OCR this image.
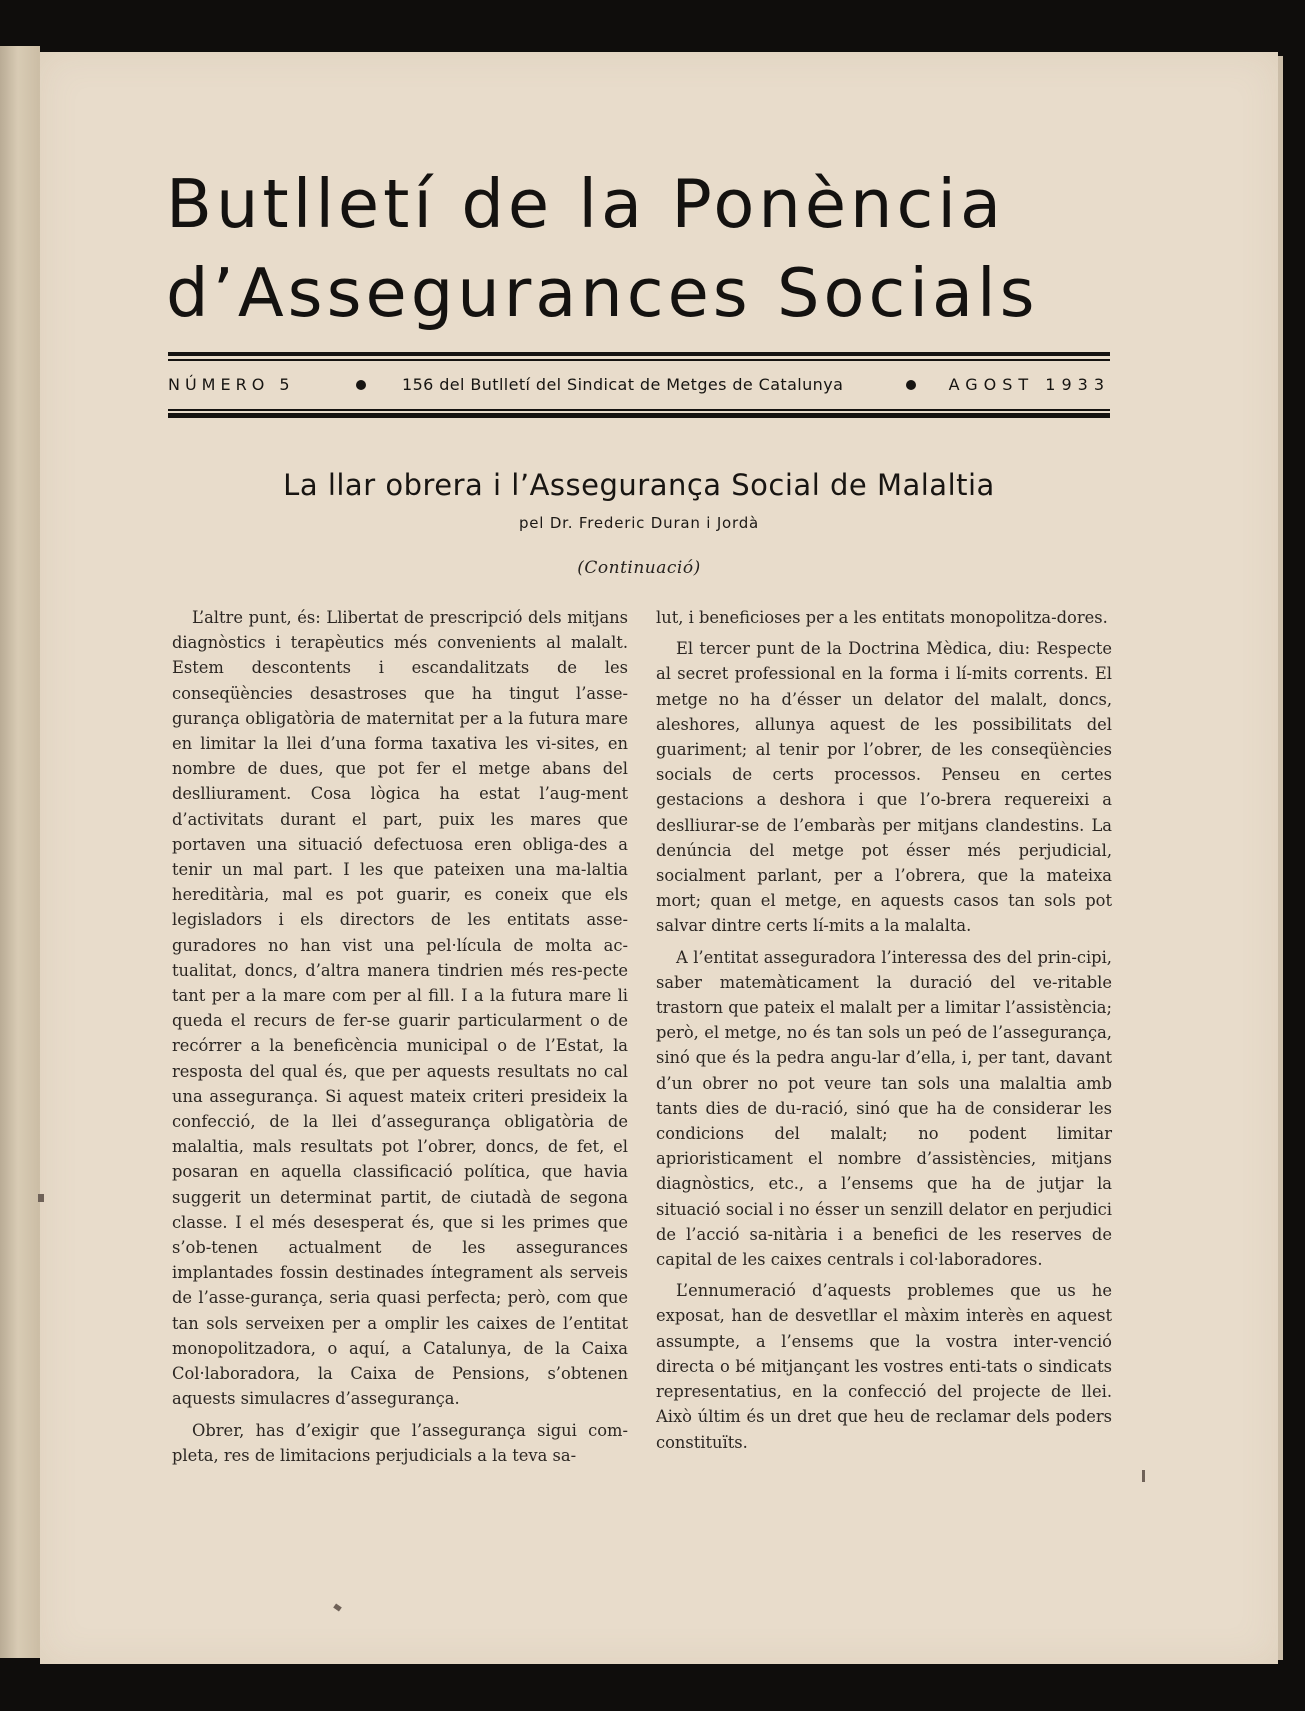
Butlletí de la Ponència
d’Assegurances Socials
NÚMERO 5	156 del Butlletí del Sindicat de Metges de Catalunya	AGOST 1933
La llar obrera i l’Assegurança Social de Malaltia
pel Dr. Frederic Duran i Jordà
(Continuació)

L’altre punt, és: Llibertat de prescripció dels mitjans diagnòstics i terapèutics més convenients al malalt. Estem descontents i escandalitzats de les conseqüències desastroses que ha tingut l’asse-gurança obligatòria de maternitat per a la futura mare en limitar la llei d’una forma taxativa les vi-sites, en nombre de dues, que pot fer el metge abans del deslliurament. Cosa lògica ha estat l’aug-ment d’activitats durant el part, puix les mares que portaven una situació defectuosa eren obliga-des a tenir un mal part. I les que pateixen una ma-laltia hereditària, mal es pot guarir, es coneix que els legisladors i els directors de les entitats asse-guradores no han vist una pel·lícula de molta ac-tualitat, doncs, d’altra manera tindrien més res-pecte tant per a la mare com per al fill. I a la futura mare li queda el recurs de fer-se guarir particularment o de recórrer a la beneficència municipal o de l’Estat, la resposta del qual és, que per aquests resultats no cal una assegurança. Si aquest mateix criteri presideix la confecció, de la llei d’assegurança obligatòria de malaltia, mals resultats pot l’obrer, doncs, de fet, el posaran en aquella classificació política, que havia suggerit un determinat partit, de ciutadà de segona classe. I el més desesperat és, que si les primes que s’ob-tenen actualment de les assegurances implantades fossin destinades íntegrament als serveis de l’asse-gurança, seria quasi perfecta; però, com que tan sols serveixen per a omplir les caixes de l’entitat monopolitzadora, o aquí, a Catalunya, de la Caixa Col·laboradora, la Caixa de Pensions, s’obtenen aquests simulacres d’assegurança.

Obrer, has d’exigir que l’assegurança sigui com-pleta, res de limitacions perjudicials a la teva sa-

lut, i beneficioses per a les entitats monopolitza-dores.

El tercer punt de la Doctrina Mèdica, diu: Respecte al secret professional en la forma i lí-mits corrents. El metge no ha d’ésser un delator del malalt, doncs, aleshores, allunya aquest de les possibilitats del guariment; al tenir por l’obrer, de les conseqüències socials de certs processos. Penseu en certes gestacions a deshora i que l’o-brera requereixi a deslliurar-se de l’embaràs per mitjans clandestins. La denúncia del metge pot ésser més perjudicial, socialment parlant, per a l’obrera, que la mateixa mort; quan el metge, en aquests casos tan sols pot salvar dintre certs lí-mits a la malalta.

A l’entitat asseguradora l’interessa des del prin-cipi, saber matemàticament la duració del ve-ritable trastorn que pateix el malalt per a limitar l’assistència; però, el metge, no és tan sols un peó de l’assegurança, sinó que és la pedra angu-lar d’ella, i, per tant, davant d’un obrer no pot veure tan sols una malaltia amb tants dies de du-ració, sinó que ha de considerar les condicions del malalt; no podent limitar aprioristicament el nombre d’assistències, mitjans diagnòstics, etc., a l’ensems que ha de jutjar la situació social i no ésser un senzill delator en perjudici de l’acció sa-nitària i a benefici de les reserves de capital de les caixes centrals i col·laboradores.

L’ennumeració d’aquests problemes que us he exposat, han de desvetllar el màxim interès en aquest assumpte, a l’ensems que la vostra inter-venció directa o bé mitjançant les vostres enti-tats o sindicats representatius, en la confecció del projecte de llei. Això últim és un dret que heu de reclamar dels poders constituïts.
